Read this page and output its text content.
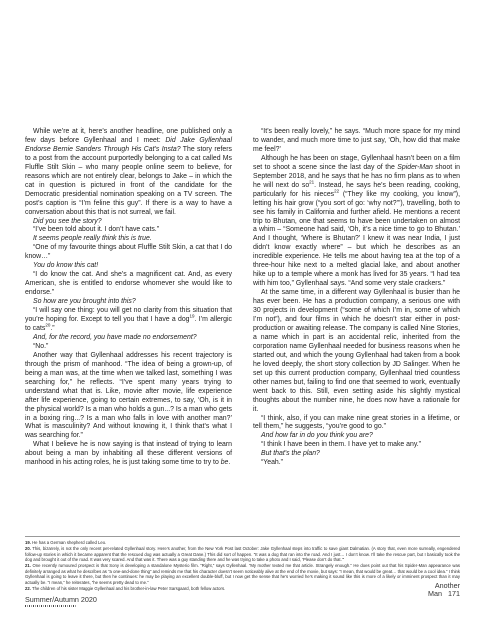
While we’re at it, here’s another headline, one published only a few days before Gyllenhaal and I meet: Did Jake Gyllenhaal Endorse Bernie Sanders Through His Cat’s Insta? The story refers to a post from the account purportedly belonging to a cat called Ms Fluffle Stilt Skin – who many people online seem to believe, for reasons which are not entirely clear, belongs to Jake – in which the cat in question is pictured in front of the candidate for the Democratic presidential nomination speaking on a TV screen. The post’s caption is “I’m feline this guy”. If there is a way to have a conversation about this that is not surreal, we fail.

Did you see the story?

“I’ve been told about it. I don’t have cats.”

It seems people really think this is true.

“One of my favourite things about Fluffle Stilt Skin, a cat that I do know…”

You do know this cat!

“I do know the cat. And she’s a magnificent cat. And, as every American, she is entitled to endorse whomever she would like to endorse.”

So how are you brought into this?

“I will say one thing: you will get no clarity from this situation that you’re hoping for. Except to tell you that I have a dog$^{19}$. I’m allergic to cats$^{20}$.”

And, for the record, you have made no endorsement?

“No.”

Another way that Gyllenhaal addresses his recent trajectory is through the prism of manhood. “The idea of being a grown-up, of being a man was, at the time when we talked last, something I was searching for,” he reflects. “I’ve spent many years trying to understand what that is. Like, movie after movie, life experience after life experience, going to certain extremes, to say, ‘Oh, is it in the physical world? Is a man who holds a gun...? Is a man who gets in a boxing ring...? Is a man who falls in love with another man?’ What is masculinity? And without knowing it, I think that’s what I was searching for.”

What I believe he is now saying is that instead of trying to learn about being a man by inhabiting all these different versions of manhood in his acting roles, he is just taking some time to try to be.

“It’s been really lovely,” he says. “Much more space for my mind to wander, and much more time to just say, ‘Oh, how did that make me feel?’

Although he has been on stage, Gyllenhaal hasn’t been on a film set to shoot a scene since the last day of the Spider-Man shoot in September 2018, and he says that he has no firm plans as to when he will next do $so^{21}$. Instead, he says he’s been reading, cooking, particularly for his nieces$^{22}$ (“They like my cooking, you know”), letting his hair grow (“you sort of go: ‘why not?’”), travelling, both to see his family in California and further afield. He mentions a recent trip to Bhutan, one that seems to have been undertaken on almost a whim – “Someone had said, ‘Oh, it’s a nice time to go to Bhutan.’ And I thought, ‘Where is Bhutan?’ I knew it was near India, I just didn’t know exactly where” – but which he describes as an incredible experience. He tells me about having tea at the top of a three-hour hike next to a melted glacial lake, and about another hike up to a temple where a monk has lived for 35 years. “I had tea with him too,” Gyllenhaal says. “And some very stale crackers.”

At the same time, in a different way Gyllenhaal is busier than he has ever been. He has a production company, a serious one with 30 projects in development (“some of which I’m in, some of which I’m not”), and four films in which he doesn’t star either in post-production or awaiting release. The company is called Nine Stories, a name which in part is an accidental relic, inherited from the corporation name Gyllenhaal needed for business reasons when he started out, and which the young Gyllenhaal had taken from a book he loved deeply, the short story collection by JD Salinger. When he set up this current production company, Gyllenhaal tried countless other names but, failing to find one that seemed to work, eventually went back to this. Still, even setting aside his slightly mystical thoughts about the number nine, he does now have a rationale for it.

“I think, also, if you can make nine great stories in a lifetime, or tell them,” he suggests, “you’re good to go.”

And how far in do you think you are?

“I think I have been in them. I have yet to make any.”

But that’s the plan?

“Yeah.”

19. He has a German shepherd called Leo.
20. This, bizarrely, is not the only recent pet-related Gyllenhaal story. Here’s another, from the New York Post last October: Jake Gyllenhaal steps into traffic to save giant Dalmatian. (A story that, even more surreally, engendered follow-up stories in which it became apparent that the rescued dog was actually a Great Dane.) This did sort of happen. “It was a dog that ran into the road. And I just… I don’t know. I’ll take the rescue part, but I basically took the dog and brought it out of the road. It was very scared. And that was it. There was a guy standing there and he was trying to take a photo and I said, ‘Please don’t do that.’”
21. One recently rumoured prospect is that Sony is developing a standalone Mysterio film. “Right,” says Gyllenhaal. “My mother texted me that article. Strangely enough.” He does point out that his Spider-Man appearance was definitely arranged as what he describes as “a one-and-done thing” and reminds me that his character doesn’t seem noticeably alive at the end of the movie, but says: “I mean, that would be great… that would be a cool idea.” I think Gyllenhaal is going to leave it there, but then he continues: he may be playing an excellent double-bluff, but I now get the sense that he’s worried he’s making it sound like this is more of a likely or imminent prospect than it may actually be. “I mean,” he reiterates, “he seems pretty dead to me.”
22. The children of his sister Maggie Gyllenhaal and his brother-in-law Peter Sarsgaard, both fellow actors.
Summer/Autumn 2020
Another
Man 171
